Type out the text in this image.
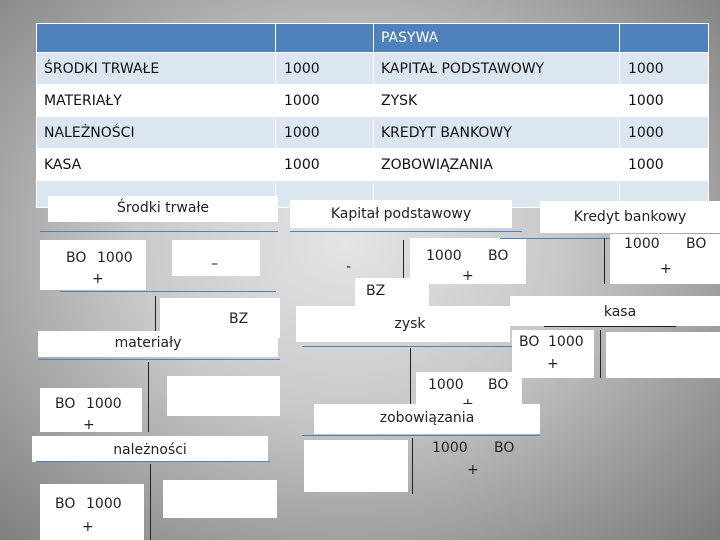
		PASYWA	
ŚRODKI TRWAŁE	1000	KAPITAŁ PODSTAWOWY	1000
MATERIAŁY	1000	ZYSK	1000
NALEŻNOŚCI	1000	KREDYT BANKOWY	1000
KASA	1000	ZOBOWIĄZANIA	1000

Środki trwałe
BO 1000
+
–
BZ
materiały
BO 1000
+
należności
BO 1000
+
Kapitał podstawowy
-
1000 BO
+
BZ
zysk
1000 BO
zobowiązania
1000 BO
+
Kredyt bankowy
1000 BO
+
kasa
BO 1000
+
